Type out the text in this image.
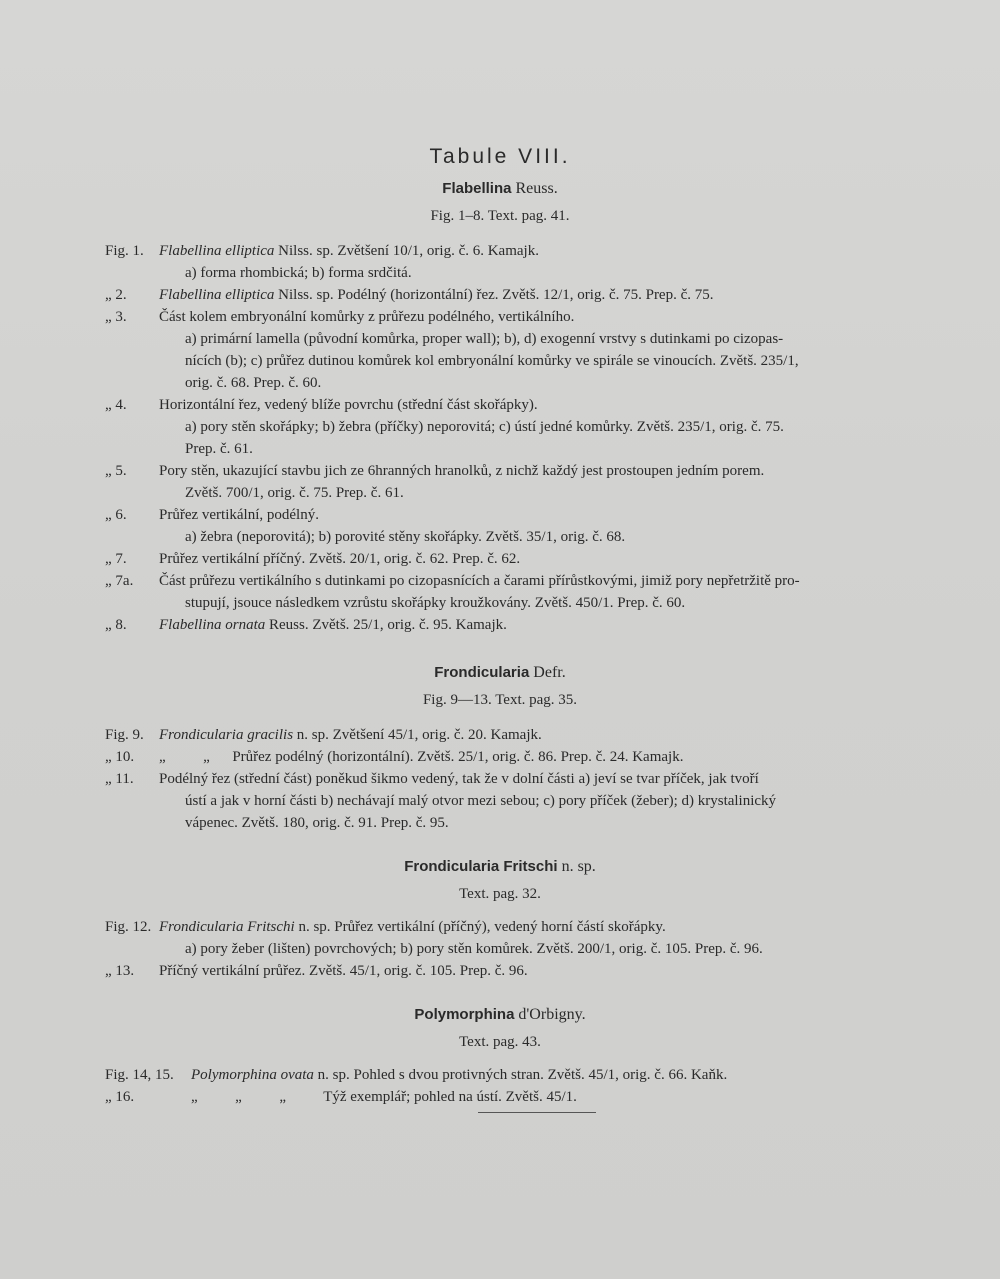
Tabule VIII.
Flabellina Reuss.
Fig. 1–8. Text. pag. 41.
Fig. 1. Flabellina elliptica Nilss. sp. Zvětšení 10/1, orig. č. 6. Kamajk.
a) forma rhombická; b) forma srdčitá.
„ 2. Flabellina elliptica Nilss. sp. Podélný (horizontální) řez. Zvětš. 12/1, orig. č. 75. Prep. č. 75.
„ 3. Část kolem embryonální komůrky z průřezu podélného, vertikálního.
a) primární lamella (původní komůrka, proper wall); b), d) exogenní vrstvy s dutinkami po cizopas-
nících (b); c) průřez dutinou komůrek kol embryonální komůrky ve spirále se vinoucích. Zvětš. 235/1,
orig. č. 68. Prep. č. 60.
„ 4. Horizontální řez, vedený blíže povrchu (střední část skořápky).
a) pory stěn skořápky; b) žebra (příčky) neporovitá; c) ústí jedné komůrky. Zvětš. 235/1, orig. č. 75.
Prep. č. 61.
„ 5. Pory stěn, ukazující stavbu jich ze 6hranných hranolků, z nichž každý jest prostoupen jedním porem.
Zvětš. 700/1, orig. č. 75. Prep. č. 61.
„ 6. Průřez vertikální, podélný.
a) žebra (neporovitá); b) porovité stěny skořápky. Zvětš. 35/1, orig. č. 68.
„ 7. Průřez vertikální příčný. Zvětš. 20/1, orig. č. 62. Prep. č. 62.
„ 7a. Část průřezu vertikálního s dutinkami po cizopasnících a čarami přírůstkovými, jimiž pory nepřetržitě pro-
stupují, jsouce následkem vzrůstu skořápky kroužkovány. Zvětš. 450/1. Prep. č. 60.
„ 8. Flabellina ornata Reuss. Zvětš. 25/1, orig. č. 95. Kamajk.
Frondicularia Defr.
Fig. 9—13. Text. pag. 35.
Fig. 9. Frondicularia gracilis n. sp. Zvětšení 45/1, orig. č. 20. Kamajk.
„ 10. „          „      Průřez podélný (horizontální). Zvětš. 25/1, orig. č. 86. Prep. č. 24. Kamajk.
„ 11. Podélný řez (střední část) poněkud šikmo vedený, tak že v dolní části a) jeví se tvar příček, jak tvoří
ústí a jak v horní části b) nechávají malý otvor mezi sebou; c) pory příček (žeber); d) krystalinický
vápenec. Zvětš. 180, orig. č. 91. Prep. č. 95.
Frondicularia Fritschi n. sp.
Text. pag. 32.
Fig. 12. Frondicularia Fritschi n. sp. Průřez vertikální (příčný), vedený horní částí skořápky.
a) pory žeber (lišten) povrchových; b) pory stěn komůrek. Zvětš. 200/1, orig. č. 105. Prep. č. 96.
„ 13. Příčný vertikální průřez. Zvětš. 45/1, orig. č. 105. Prep. č. 96.
Polymorphina d'Orbigny.
Text. pag. 43.
Fig. 14, 15. Polymorphina ovata n. sp. Pohled s dvou protivných stran. Zvětš. 45/1, orig. č. 66. Kaňk.
„ 16.	„          „          „          Týž exemplář; pohled na ústí. Zvětš. 45/1.
